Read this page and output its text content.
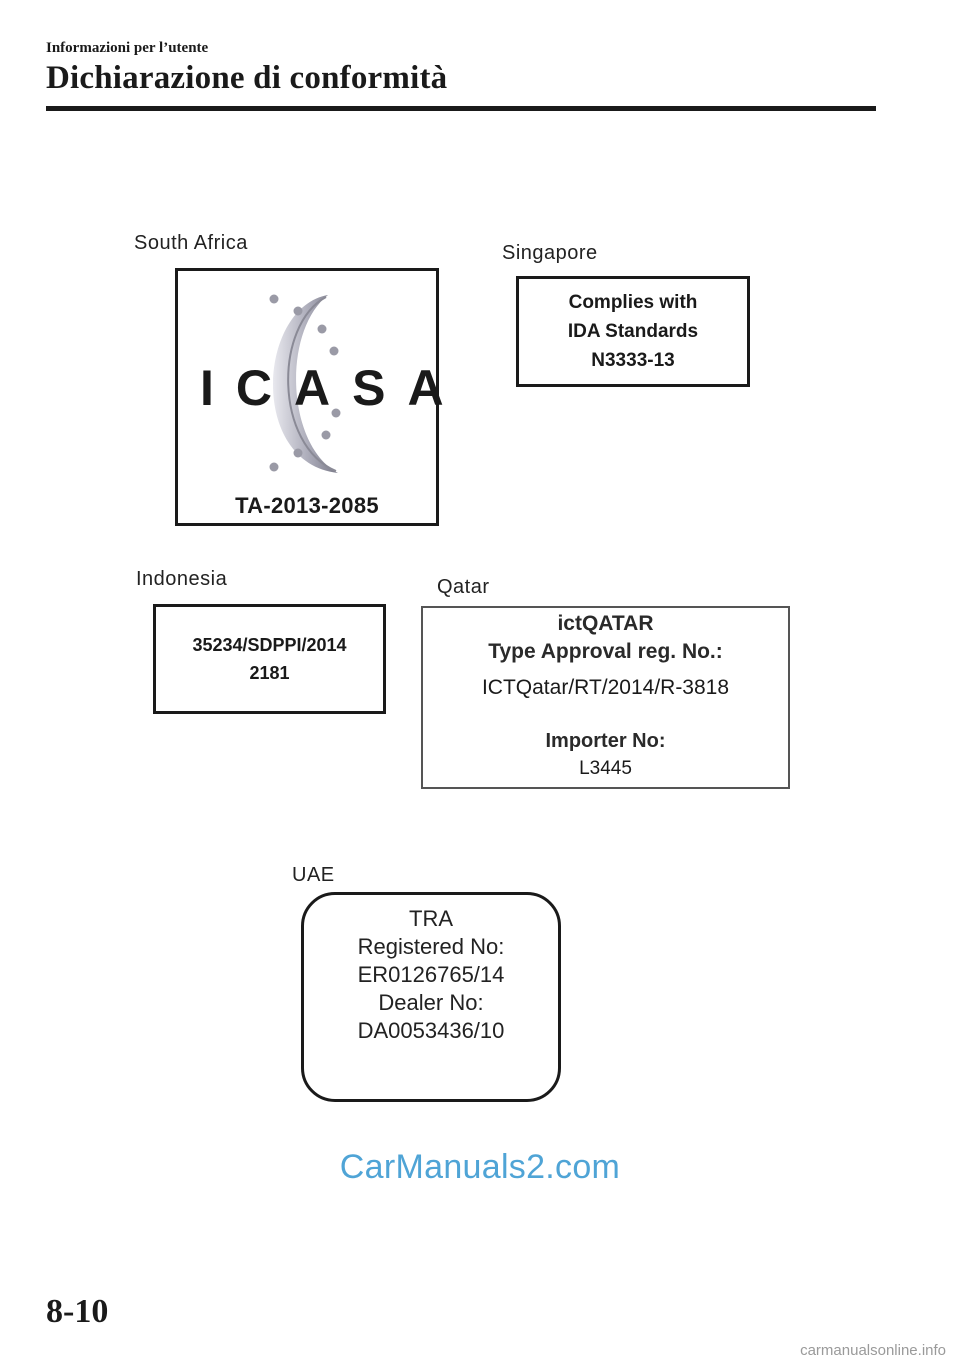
Informazioni per l’utente
Dichiarazione di conformità
South Africa
ICASA
TA-2013-2085
Singapore
Complies with
IDA Standards
N3333-13
Indonesia
35234/SDPPI/2014
2181
Qatar
ictQATAR
Type Approval reg. No.:
ICTQatar/RT/2014/R-3818
Importer No:
L3445
UAE
TRA
Registered No:
ER0126765/14
Dealer No:
DA0053436/10
CarManuals2.com
8-10
carmanualsonline.info
